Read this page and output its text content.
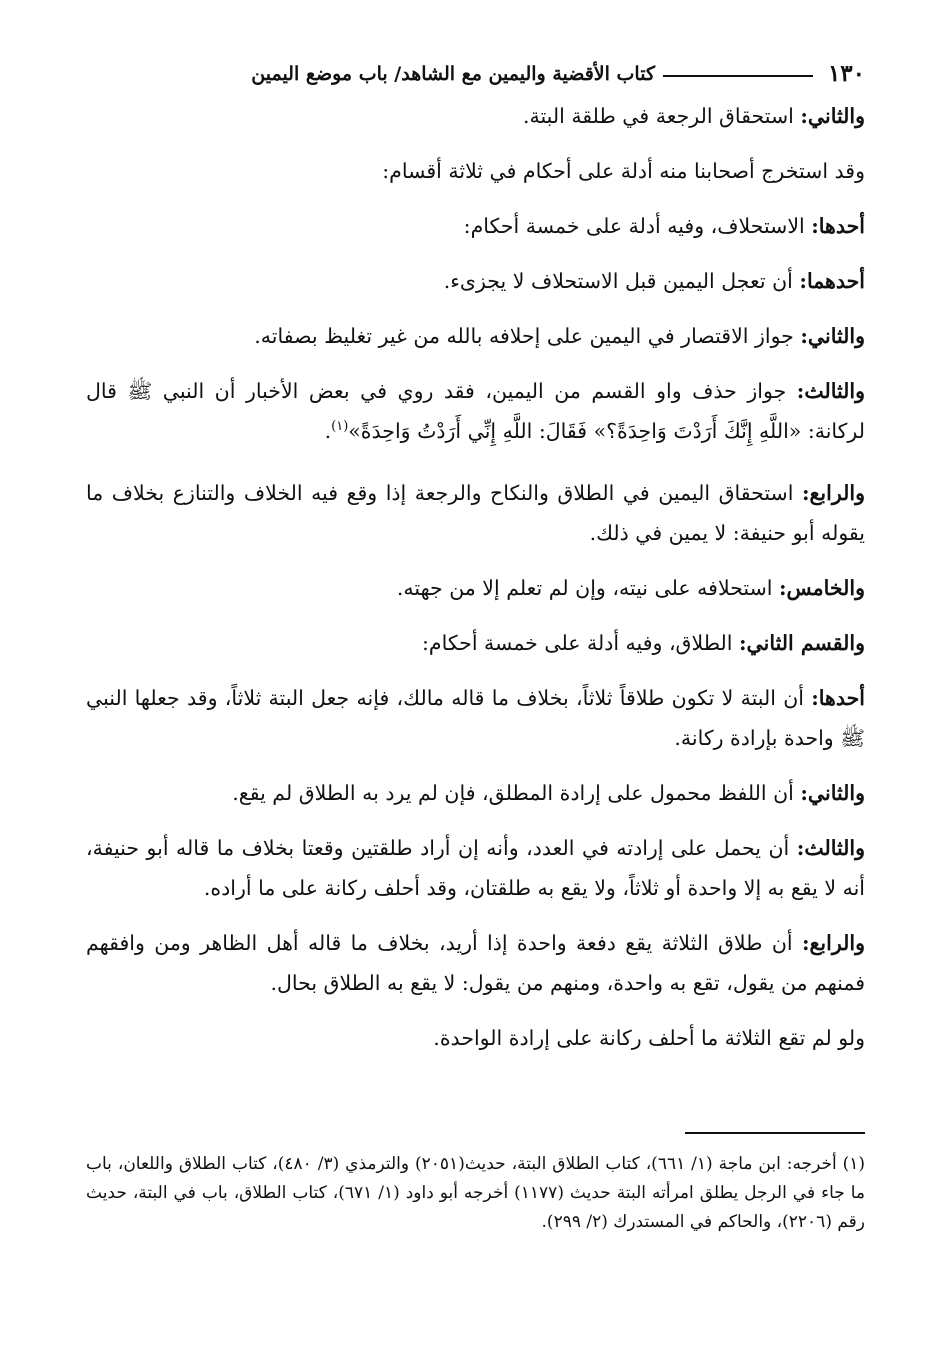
١٣٠
كتاب الأقضية واليمين مع الشاهد/ باب موضع اليمين

والثاني: استحقاق الرجعة في طلقة البتة.

وقد استخرج أصحابنا منه أدلة على أحكام في ثلاثة أقسام:

أحدها: الاستحلاف، وفيه أدلة على خمسة أحكام:

أحدهما: أن تعجل اليمين قبل الاستحلاف لا يجزىء.

والثاني: جواز الاقتصار في اليمين على إحلافه بالله من غير تغليظ بصفاته.

والثالث: جواز حذف واو القسم من اليمين، فقد روي في بعض الأخبار أن النبي ﷺ قال لركانة: «اللَّهِ إِنَّكَ أَرَدْتَ وَاحِدَةً؟» فَقَالَ: اللَّهِ إِنِّي أَرَدْتُ وَاحِدَةً»$^{(١)}$.

والرابع: استحقاق اليمين في الطلاق والنكاح والرجعة إذا وقع فيه الخلاف والتنازع بخلاف ما يقوله أبو حنيفة: لا يمين في ذلك.

والخامس: استحلافه على نيته، وإن لم تعلم إلا من جهته.

والقسم الثاني: الطلاق، وفيه أدلة على خمسة أحكام:

أحدها: أن البتة لا تكون طلاقاً ثلاثاً، بخلاف ما قاله مالك، فإنه جعل البتة ثلاثاً، وقد جعلها النبي ﷺ واحدة بإرادة ركانة.

والثاني: أن اللفظ محمول على إرادة المطلق، فإن لم يرد به الطلاق لم يقع.

والثالث: أن يحمل على إرادته في العدد، وأنه إن أراد طلقتين وقعتا بخلاف ما قاله أبو حنيفة، أنه لا يقع به إلا واحدة أو ثلاثاً، ولا يقع به طلقتان، وقد أحلف ركانة على ما أراده.

والرابع: أن طلاق الثلاثة يقع دفعة واحدة إذا أريد، بخلاف ما قاله أهل الظاهر ومن وافقهم فمنهم من يقول، تقع به واحدة، ومنهم من يقول: لا يقع به الطلاق بحال.

ولو لم تقع الثلاثة ما أحلف ركانة على إرادة الواحدة.

(١) أخرجه: ابن ماجة (١/ ٦٦١)، كتاب الطلاق البتة، حديث(٢٠٥١) والترمذي (٣/ ٤٨٠)، كتاب الطلاق واللعان، باب ما جاء في الرجل يطلق امرأته البتة حديث (١١٧٧) أخرجه أبو داود (١/ ٦٧١)، كتاب الطلاق، باب في البتة، حديث رقم (٢٢٠٦)، والحاكم في المستدرك (٢/ ٢٩٩).
